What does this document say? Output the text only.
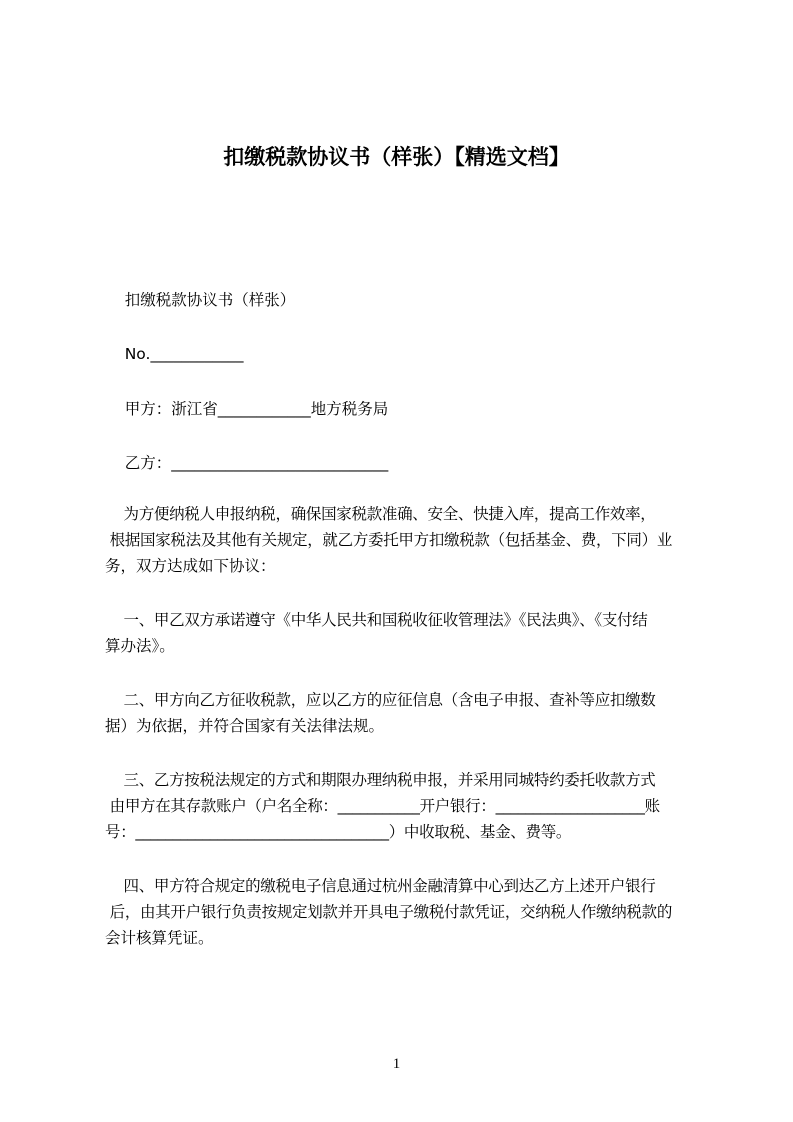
扣缴税款协议书（样张）【精选文档】
扣缴税款协议书（样张）
No.____________
甲方：浙江省____________地方税务局
乙方：____________________________
为方便纳税人申报纳税，确保国家税款准确、安全、快捷入库，提高工作效率，
根据国家税法及其他有关规定，就乙方委托甲方扣缴税款（包括基金、费，下同）业
务，双方达成如下协议：
一、甲乙双方承诺遵守《中华人民共和国税收征收管理法》《民法典》、《支付结
算办法》。
二、甲方向乙方征收税款，应以乙方的应征信息（含电子申报、查补等应扣缴数
据）为依据，并符合国家有关法律法规。
三、乙方按税法规定的方式和期限办理纳税申报，并采用同城特约委托收款方式
由甲方在其存款账户（户名全称：___________开户银行：____________________账
号：__________________________________）中收取税、基金、费等。
四、甲方符合规定的缴税电子信息通过杭州金融清算中心到达乙方上述开户银行
后，由其开户银行负责按规定划款并开具电子缴税付款凭证，交纳税人作缴纳税款的
会计核算凭证。
1
